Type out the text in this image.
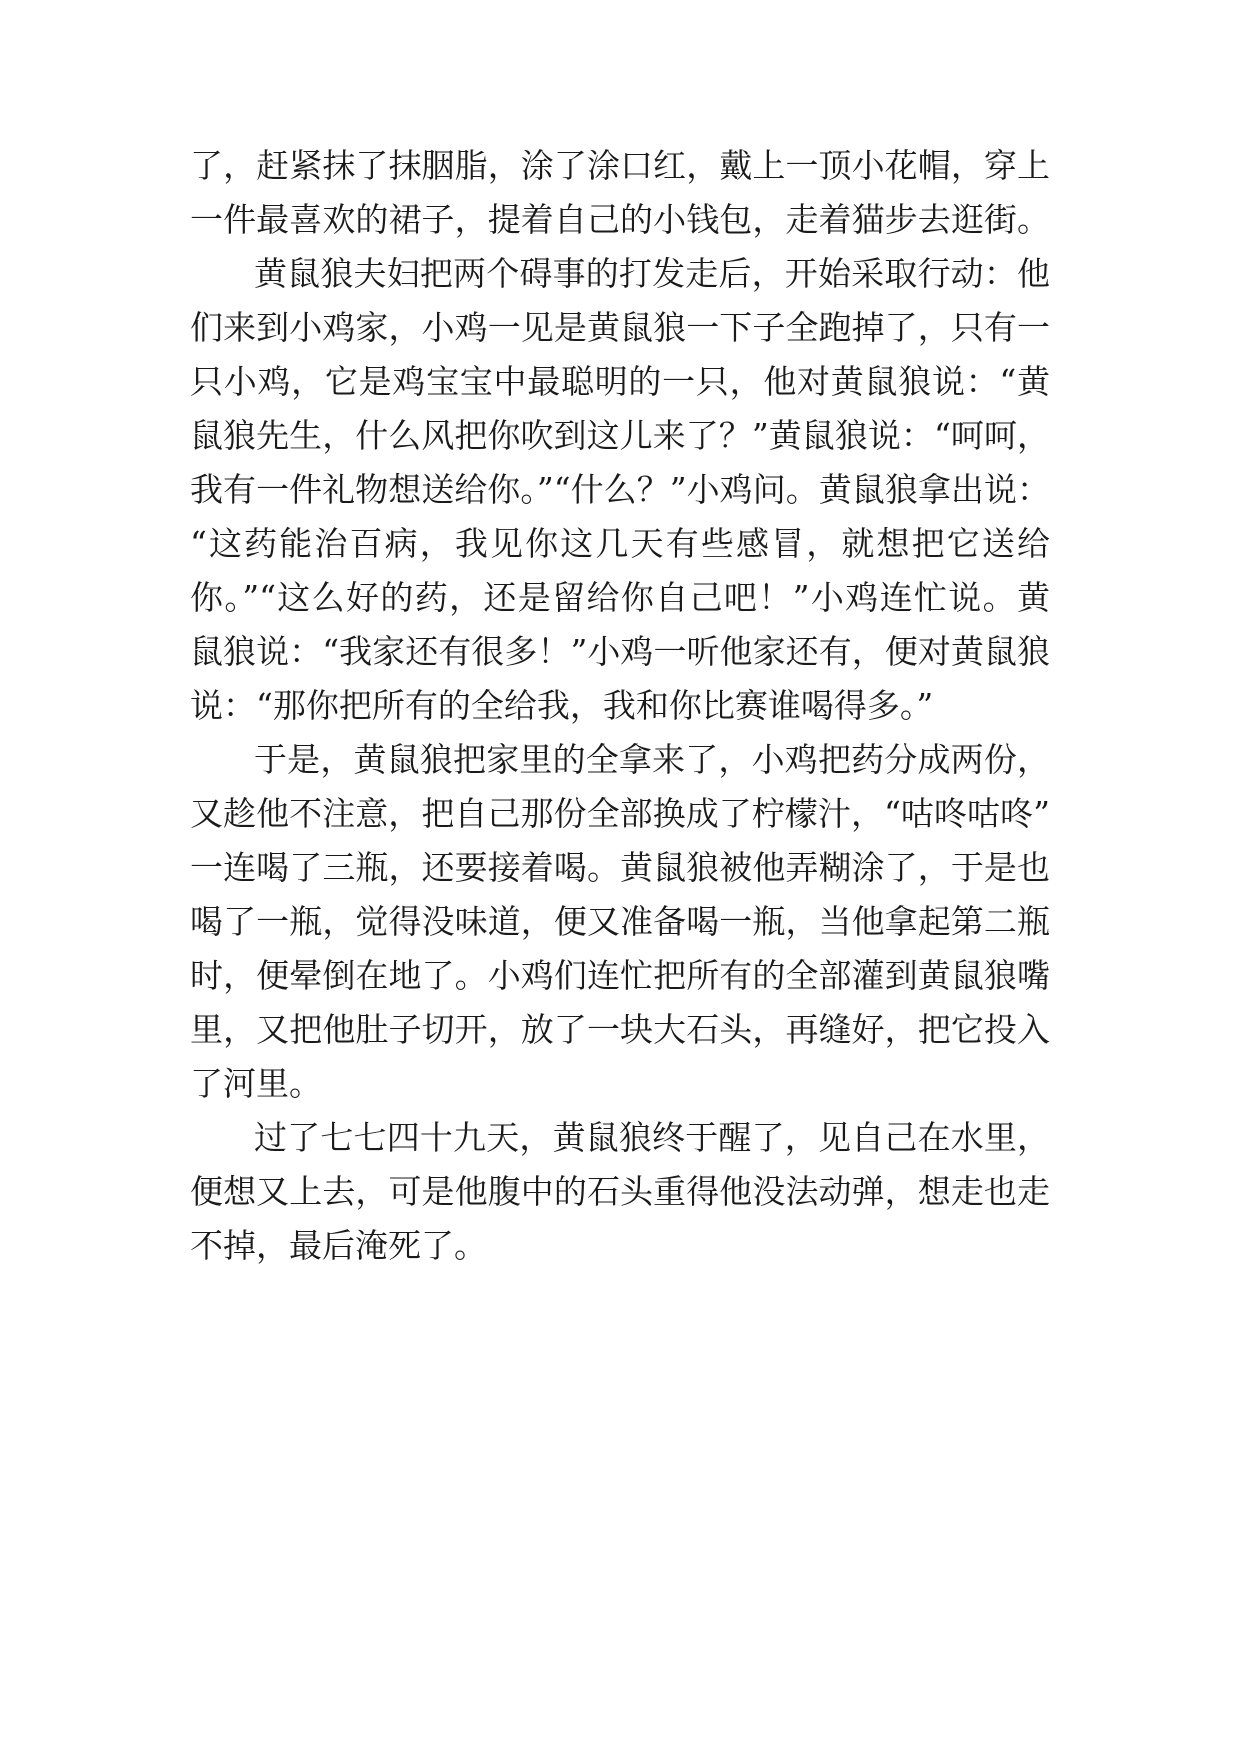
了，赶紧抹了抹胭脂，涂了涂口红，戴上一顶小花帽，穿上
一件最喜欢的裙子，提着自己的小钱包，走着猫步去逛街。
黄鼠狼夫妇把两个碍事的打发走后，开始采取行动：他
们来到小鸡家，小鸡一见是黄鼠狼一下子全跑掉了，只有一
只小鸡，它是鸡宝宝中最聪明的一只，他对黄鼠狼说：“黄
鼠狼先生，什么风把你吹到这儿来了？”黄鼠狼说：“呵呵，
我有一件礼物想送给你。”“什么？”小鸡问。黄鼠狼拿出说：
“这药能治百病，我见你这几天有些感冒，就想把它送给
你。”“这么好的药，还是留给你自己吧！”小鸡连忙说。黄
鼠狼说：“我家还有很多！”小鸡一听他家还有，便对黄鼠狼
说：“那你把所有的全给我，我和你比赛谁喝得多。”
于是，黄鼠狼把家里的全拿来了，小鸡把药分成两份，
又趁他不注意，把自己那份全部换成了柠檬汁，“咕咚咕咚”
一连喝了三瓶，还要接着喝。黄鼠狼被他弄糊涂了，于是也
喝了一瓶，觉得没味道，便又准备喝一瓶，当他拿起第二瓶
时，便晕倒在地了。小鸡们连忙把所有的全部灌到黄鼠狼嘴
里，又把他肚子切开，放了一块大石头，再缝好，把它投入
了河里。
过了七七四十九天，黄鼠狼终于醒了，见自己在水里，
便想又上去，可是他腹中的石头重得他没法动弹，想走也走
不掉，最后淹死了。
